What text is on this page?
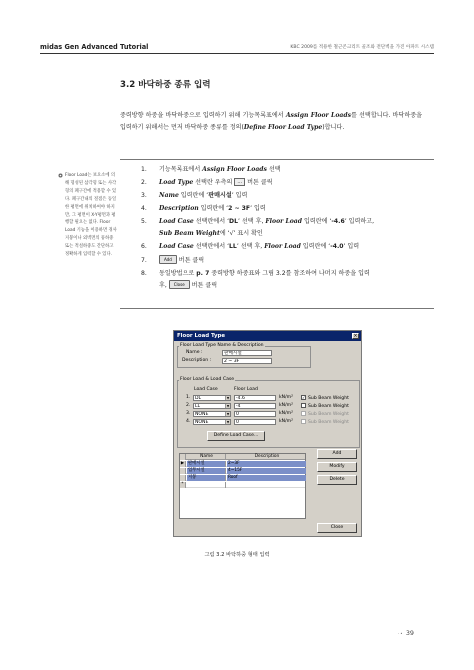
midas Gen Advanced Tutorial	KBC 2009를 적용한 철근콘크리트 골조와 전단벽을 가진 아파트 시스템
3.2 바닥하중 종류 입력
중력방향 하중을 바닥하중으로 입력하기 위해 기능목록표에서 Assign Floor Loads를 선택합니다. 바닥하중을 입력하기 위해서는 먼저 바닥하중 종류를 정의(Define Floor Load Type)합니다.
Floor Load는 보요소에 의해 형성된 삼각형 또는 사각형의 폐구간에 적용할 수 있다. 폐구간내의 절점은 동일한 평면에 위치하여야 하지만, 그 평면이 X-Y평면과 평행할 필요는 없다. Floor Load 기능을 이용하면 경사지붕이나 외벽면의 풍하중 또는 적설하중도 간단하고 정확하게 입력할 수 있다.
1. 기능목록표에서 Assign Floor Loads 선택
2. Load Type 선택란 우측의 ... 버튼 클릭
3. Name 입력란에 ‘판매시설’ 입력
4. Description 입력란에 ‘2 ~ 3F’ 입력
5. Load Case 선택란에서 ‘DL’ 선택 후, Floor Load 입력란에 ‘-4.6’ 입력하고,
Sub Beam Weight에 ‘√’ 표시 확인
6. Load Case 선택란에서 ‘LL’ 선택 후, Floor Load 입력란에 ‘-4.0’ 입력
7.	Add 버튼 클릭
8. 동일방법으로 p. 7 중력방향 하중표와 그림 3.2를 참조하여 나머지 하중을 입력
후, Close 버튼 클릭
Floor Load Type	×
Floor Load Type Name & Description
Name :	판매시설
Description :	2 ~ 3F
Floor Load & Load Case
Load Case	Floor Load
1.	DL	▼	-4.6	kN/m² ✓ Sub Beam Weight
2.	LL	▼	-4	kN/m²	Sub Beam Weight
3.	NONE	▼	0	kN/m²	Sub Beam Weight
4.	NONE	▼	0	kN/m²	Sub Beam Weight
Define Load Case...
Name	Description
▶ 판매시설	2~3F
업무시설	4~15F
지붕	Roof
*
Add
Modify
Delete
Close
그림 3.2 바닥하중 형태 입력
· • 39
